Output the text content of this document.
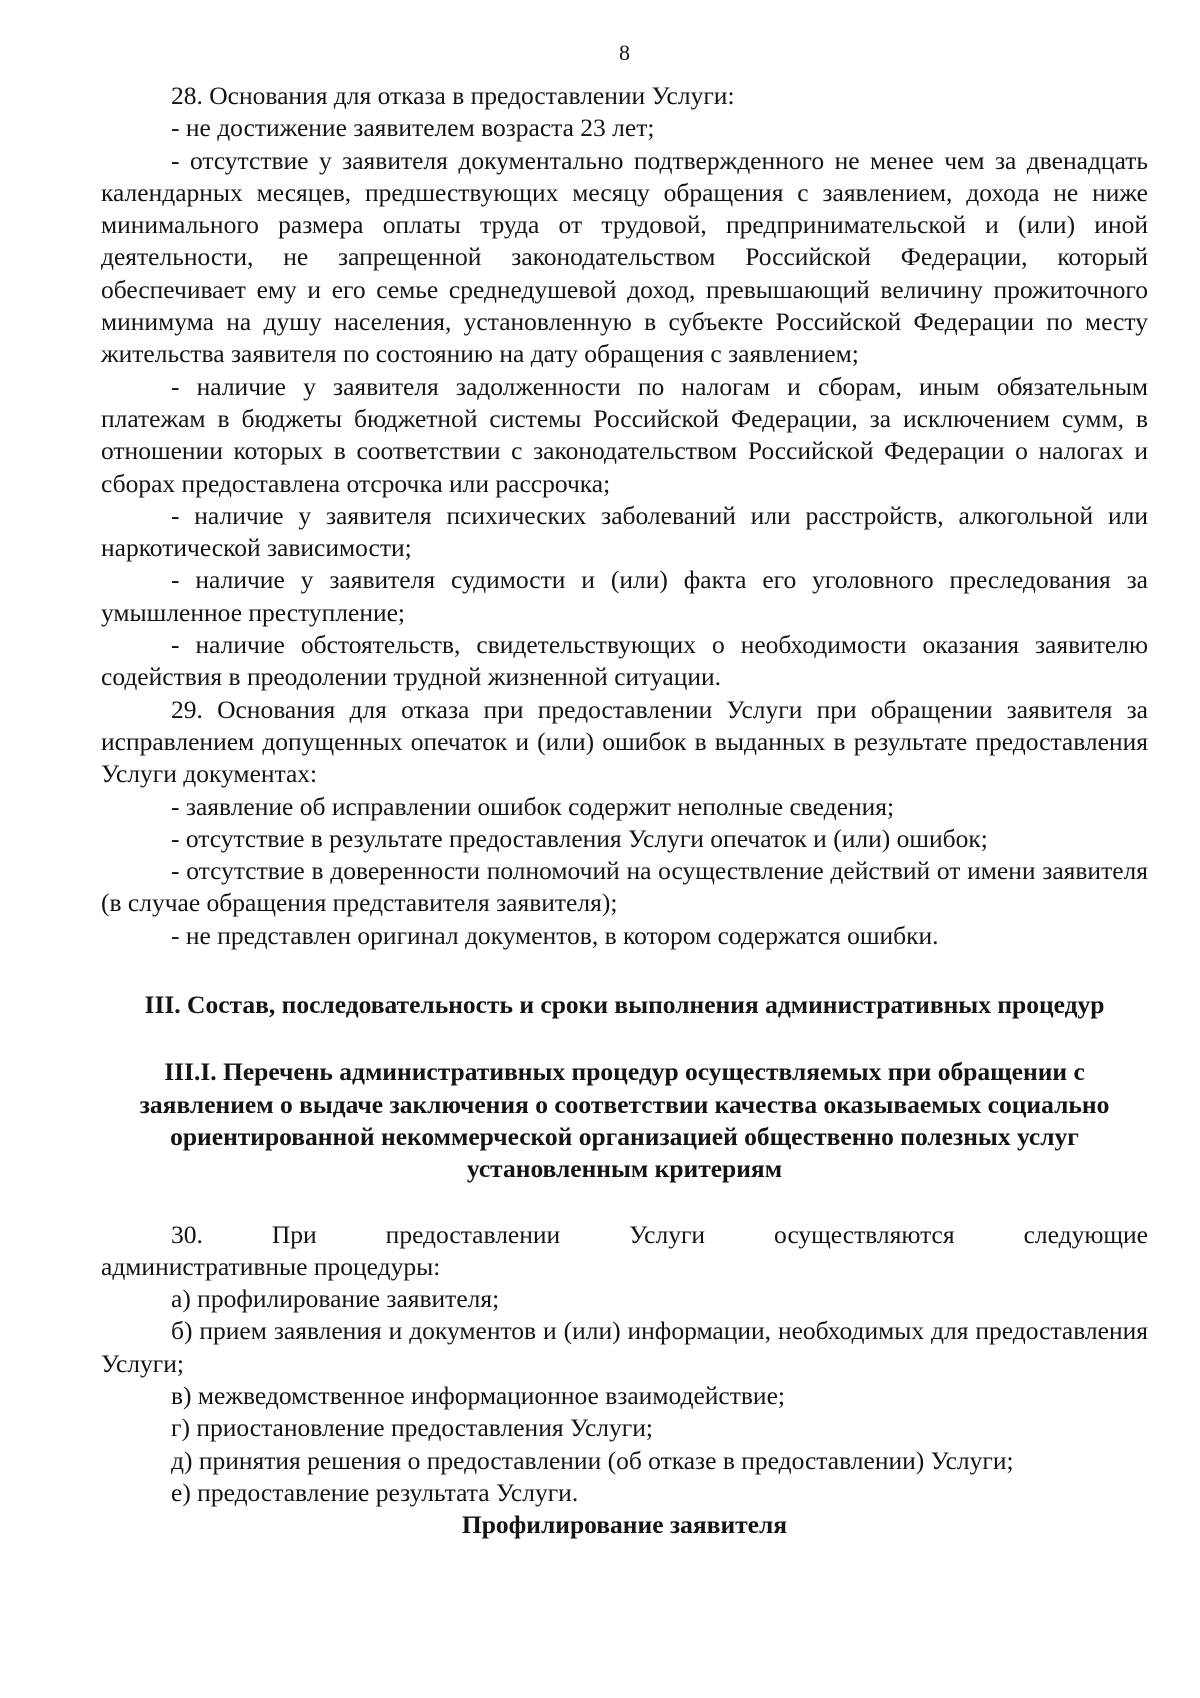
8

28. Основания для отказа в предоставлении Услуги:

- не достижение заявителем возраста 23 лет;

- отсутствие у заявителя документально подтвержденного не менее чем за двенадцать календарных месяцев, предшествующих месяцу обращения с заявлением, дохода не ниже минимального размера оплаты труда от трудовой, предпринимательской и (или) иной деятельности, не запрещенной законодательством Российской Федерации, который обеспечивает ему и его семье среднедушевой доход, превышающий величину прожиточного минимума на душу населения, установленную в субъекте Российской Федерации по месту жительства заявителя по состоянию на дату обращения с заявлением;

- наличие у заявителя задолженности по налогам и сборам, иным обязательным платежам в бюджеты бюджетной системы Российской Федерации, за исключением сумм, в отношении которых в соответствии с законодательством Российской Федерации о налогах и сборах предоставлена отсрочка или рассрочка;

- наличие у заявителя психических заболеваний или расстройств, алкогольной или наркотической зависимости;

- наличие у заявителя судимости и (или) факта его уголовного преследования за умышленное преступление;

- наличие обстоятельств, свидетельствующих о необходимости оказания заявителю содействия в преодолении трудной жизненной ситуации.

29. Основания для отказа при предоставлении Услуги при обращении заявителя за исправлением допущенных опечаток и (или) ошибок в выданных в результате предоставления Услуги документах:

- заявление об исправлении ошибок содержит неполные сведения;

- отсутствие в результате предоставления Услуги опечаток и (или) ошибок;

- отсутствие в доверенности полномочий на осуществление действий от имени заявителя (в случае обращения представителя заявителя);

- не представлен оригинал документов, в котором содержатся ошибки.

III. Состав, последовательность и сроки выполнения административных процедур
III.I. Перечень административных процедур осуществляемых при обращении с заявлением о выдаче заключения о соответствии качества оказываемых социально ориентированной некоммерческой организацией общественно полезных услуг установленным критериям

30. При предоставлении Услуги осуществляются следующие

административные процедуры:

а) профилирование заявителя;

б) прием заявления и документов и (или) информации, необходимых для предоставления Услуги;

в) межведомственное информационное взаимодействие;

г) приостановление предоставления Услуги;

д) принятия решения о предоставлении (об отказе в предоставлении) Услуги;

е) предоставление результата Услуги.

Профилирование заявителя
